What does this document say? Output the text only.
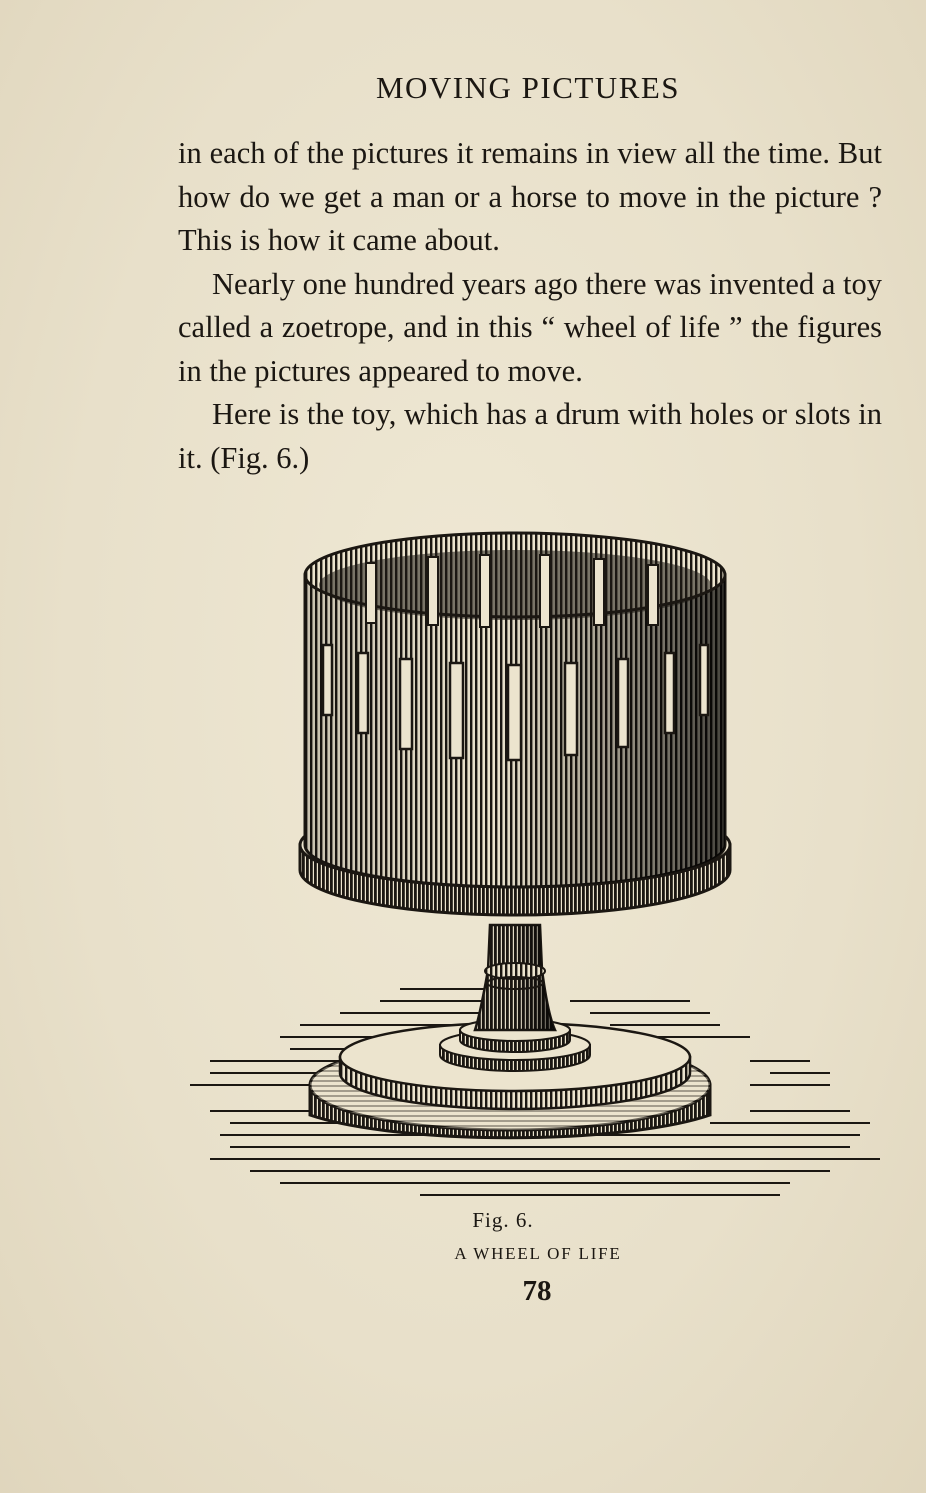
MOVING PICTURES

in each of the pictures it remains in view all the time. But how do we get a man or a horse to move in the picture ? This is how it came about.

Nearly one hundred years ago there was invented a toy called a zoetrope, and in this “ wheel of life ” the figures in the pictures appeared to move.

Here is the toy, which has a drum with holes or slots in it. (Fig. 6.)

Fig. 6.
A WHEEL OF LIFE
78
